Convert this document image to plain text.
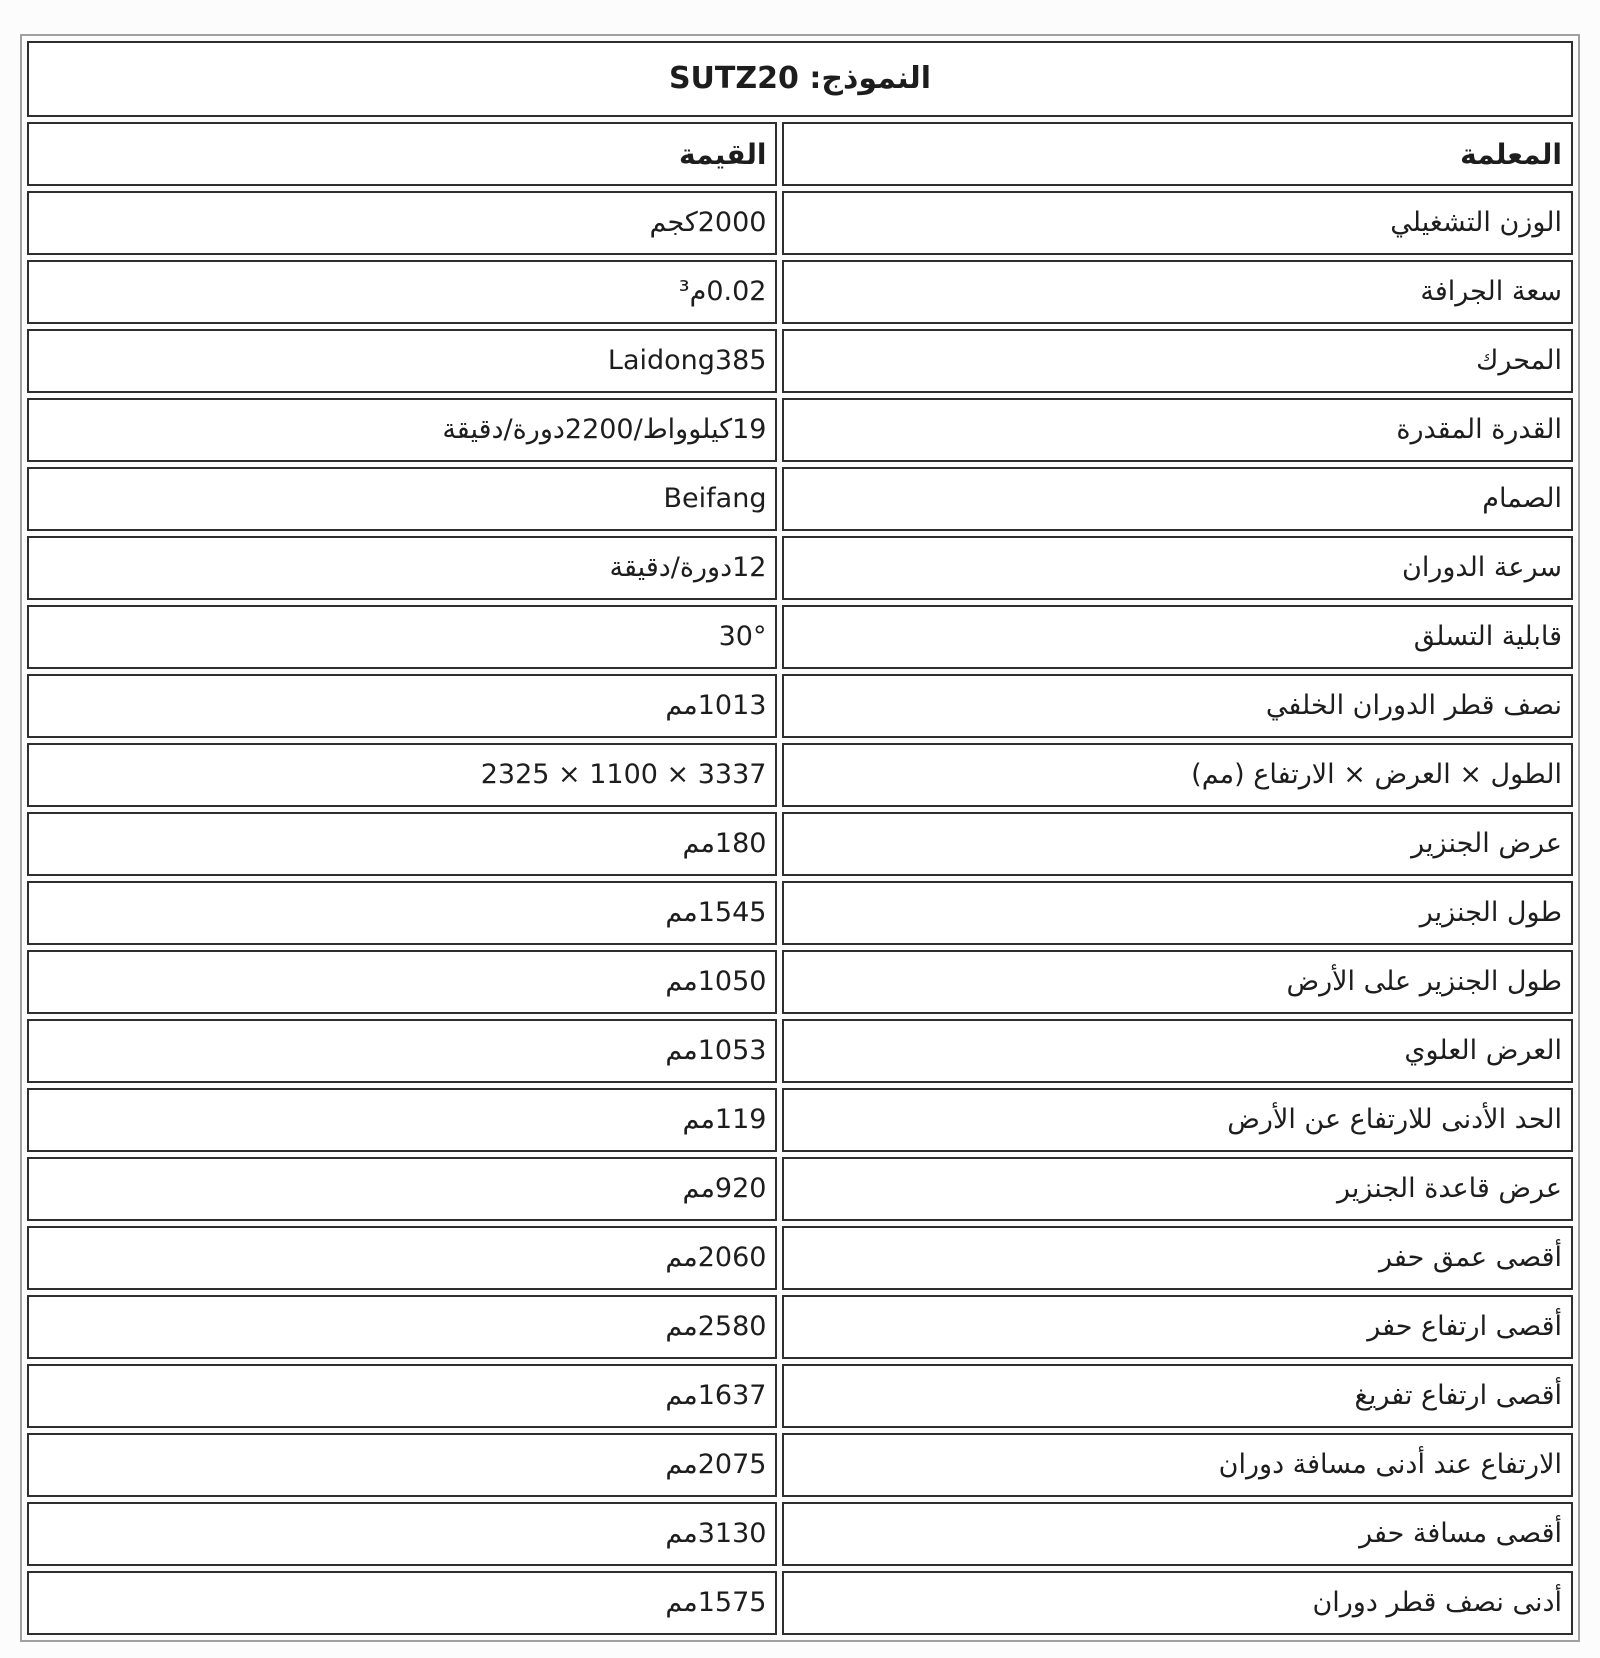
النموذج: SUTZ20	
المعلمة	القيمة
الوزن التشغيلي	2000كجم
سعة الجرافة	0.02م³
المحرك	Laidong385
القدرة المقدرة	19كيلوواط/2200دورة/دقيقة
الصمام	Beifang
سرعة الدوران	12دورة/دقيقة
قابلية التسلق	30°
نصف قطر الدوران الخلفي	1013مم
الطول × العرض × الارتفاع (مم)	3337 × 1100 × 2325
عرض الجنزير	180مم
طول الجنزير	1545مم
طول الجنزير على الأرض	1050مم
العرض العلوي	1053مم
الحد الأدنى للارتفاع عن الأرض	119مم
عرض قاعدة الجنزير	920مم
أقصى عمق حفر	2060مم
أقصى ارتفاع حفر	2580مم
أقصى ارتفاع تفريغ	1637مم
الارتفاع عند أدنى مسافة دوران	2075مم
أقصى مسافة حفر	3130مم
أدنى نصف قطر دوران	1575مم
